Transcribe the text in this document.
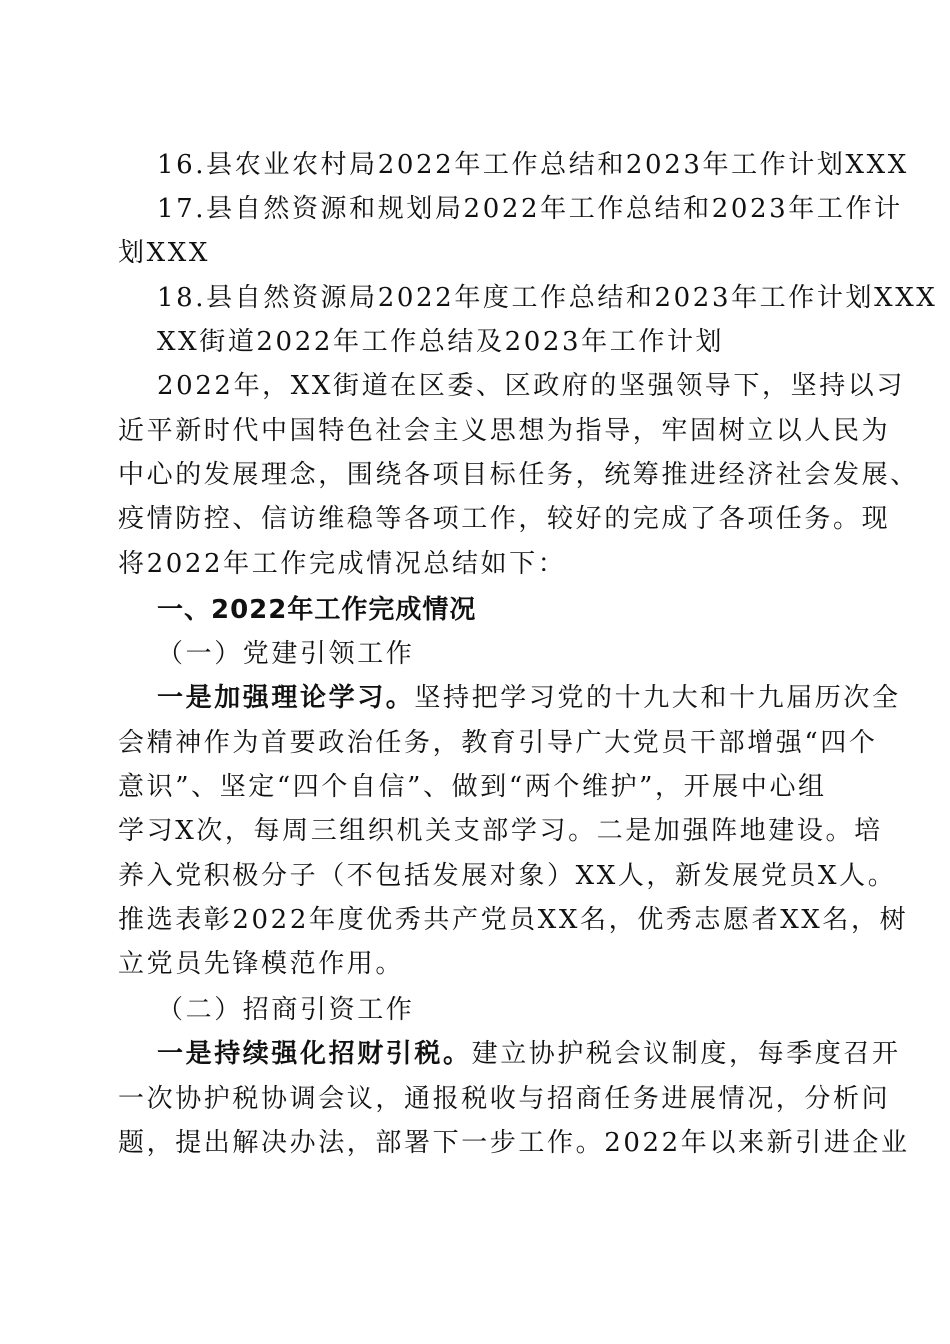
16.县农业农村局2022年工作总结和2023年工作计划XXX
17.县自然资源和规划局2022年工作总结和2023年工作计
划XXX
18.县自然资源局2022年度工作总结和2023年工作计划XXX
XX街道2022年工作总结及2023年工作计划
2022年，XX街道在区委、区政府的坚强领导下，坚持以习
近平新时代中国特色社会主义思想为指导，牢固树立以人民为
中心的发展理念，围绕各项目标任务，统筹推进经济社会发展、
疫情防控、信访维稳等各项工作，较好的完成了各项任务。现
将2022年工作完成情况总结如下：
一、2022年工作完成情况
（一）党建引领工作
一是加强理论学习。坚持把学习党的十九大和十九届历次全
会精神作为首要政治任务，教育引导广大党员干部增强“四个
意识”、坚定“四个自信”、做到“两个维护”，开展中心组
学习X次，每周三组织机关支部学习。二是加强阵地建设。培
养入党积极分子（不包括发展对象）XX人，新发展党员X人。
推选表彰2022年度优秀共产党员XX名，优秀志愿者XX名，树
立党员先锋模范作用。
（二）招商引资工作
一是持续强化招财引税。建立协护税会议制度，每季度召开
一次协护税协调会议，通报税收与招商任务进展情况，分析问
题，提出解决办法，部署下一步工作。2022年以来新引进企业
